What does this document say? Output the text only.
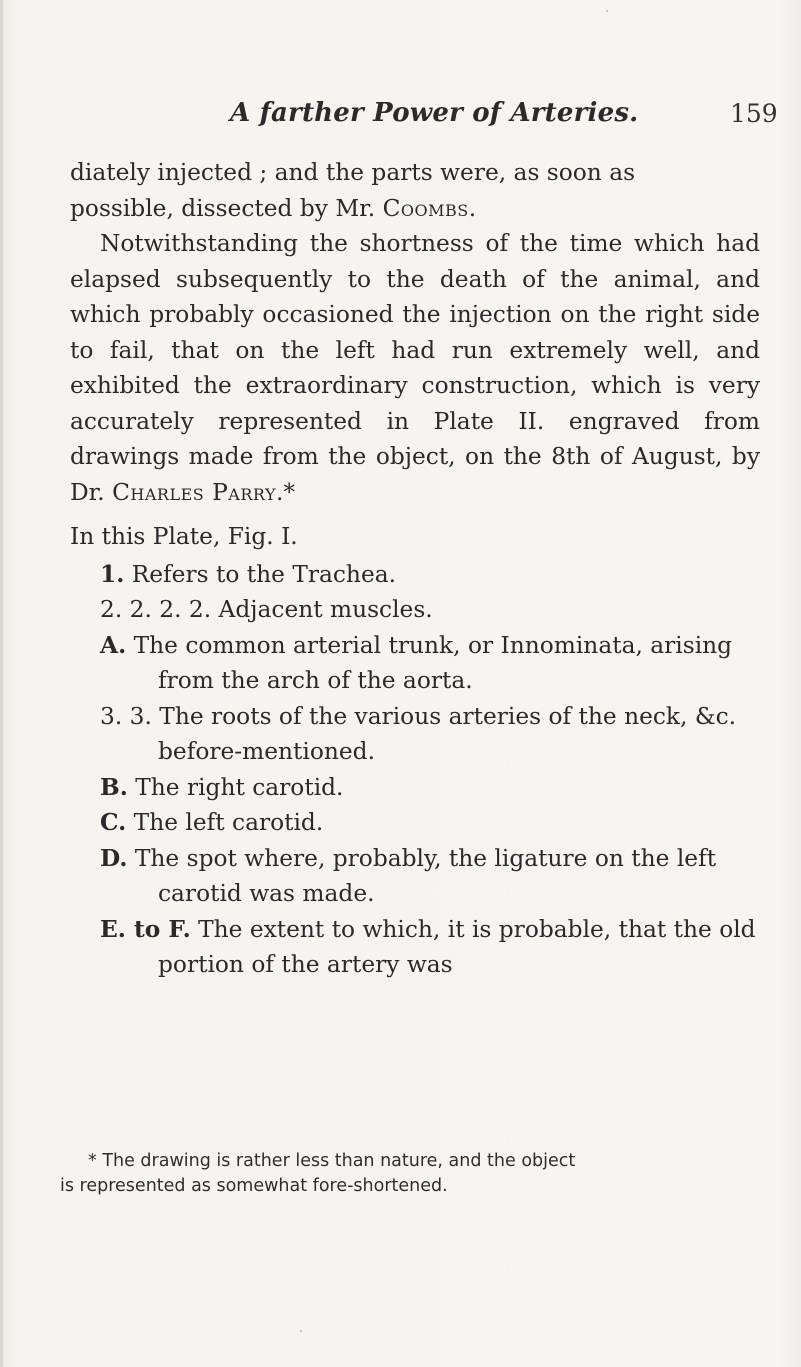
A farther Power of Arteries.	159

diately injected ; and the parts were, as soon as
possible, dissected by Mr. Coombs.

Notwithstanding the shortness of the time which had elapsed subsequently to the death of the animal, and which probably occasioned the injection on the right side to fail, that on the left had run extremely well, and exhibited the extraordinary construction, which is very accurately represented in Plate II. engraved from drawings made from the object, on the 8th of August, by Dr. Charles Parry.*

In this Plate, Fig. I.

1. Refers to the Trachea.
2. 2. 2. 2. Adjacent muscles.
A. The common arterial trunk, or Innominata, arising from the arch of the aorta.
3. 3. The roots of the various arteries of the neck, &c. before-mentioned.
B. The right carotid.
C. The left carotid.
D. The spot where, probably, the ligature on the left carotid was made.
E. to F. The extent to which, it is probable, that the old portion of the artery was
* The drawing is rather less than nature, and the object
is represented as somewhat fore-shortened.
